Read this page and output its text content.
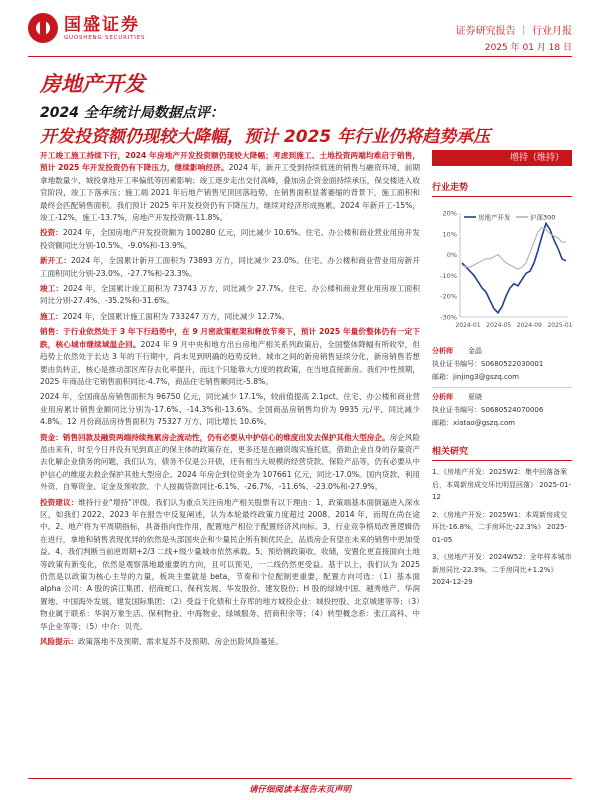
国盛证券
GUOSHENG SECURITIES
证券研究报告 ｜ 行业月报
2025 年 01 月 18 日
房地产开发
2024 全年统计局数据点评：
开发投资额仍现较大降幅，预计 2025 年行业仍将趋势承压
开工竣工施工持续下行，2024 年房地产开发投资额仍现较大降幅；考虑到施工、土地投资两端均难启于销售，预计 2025 年开发投资仍有下降压力，继续影响经济。2024 年，新开工受到持续低迷的销售与融资环境，前期拿地数量少、城投拿地开工率偏低等因素影响；竣工逐步走出交付高峰，叠加房企资金面持续承压，保交楼进入收官阶段，竣工下落承压；施工端 2021 年后地产销售见顶回落趋势，在销售面积显著萎缩的背景下，施工面积和最终会匹配销售面积。我们预计 2025 年开发投资仍有下降压力，继续对经济形成拖累。2024 年新开工-15%，竣工-12%，施工-13.7%，房地产开发投资额-11.8%。
投资：2024 年，全国房地产开发投资额为 100280 亿元，同比减少 10.6%。住宅、办公楼和商业营业用房开发投资额同比分别-10.5%、-9.0%和-13.9%。
新开工：2024 年，全国累计新开工面积为 73893 万方，同比减少 23.0%。住宅、办公楼和商业营业用房新开工面积同比分别-23.0%、-27.7%和-23.3%。
竣工：2024 年，全国累计竣工面积为 73743 万方，同比减少 27.7%。住宅、办公楼和商业营业用房竣工面积同比分别-27.4%、-35.2%和-31.6%。
施工：2024 年，全国累计施工面积为 733247 万方，同比减少 12.7%。
销售：于行业依然处于 3 年下行趋势中，在 9 月密政策框架和释放节奏下，预计 2025 年量价整体仍有一定下跌，核心城市继续域温企回。2024 年 9 月中央和地方出台房地产相关系列政策后，全国整体降幅有所收窄，但趋势上依然处于长达 3 年的下行期中，尚未见到明确的趋势反转。城市之间的新房销售延续分化，新房销售若想要由负转正，核心是推动部区库存去化率提升，而这个只能靠大方度的救政策，在当地直接新房。我们中性预期，2025 年商品住宅销售面积同比-4.7%，商品住宅销售额同比-5.8%。
2024 年，全国商品房销售面积为 96750 亿元，同比减少 17.1%，较前值提高 2.1pct。住宅、办公楼和商业营业用房累计销售金额同比分别为-17.6%、-14.3%和-13.6%。全国商品房销售均价为 9935 元/平，同比减少 4.8%。12 月份商品房待售面积为 75327 万方，同比增长 10.6%。
资金：销售回款及融资两端持续拖累房企流动性，仍有必要从中护信心的维度出发去保护其他大型房企。房企风险虽由来有，时至今日并没有见到真正的保主体的政策存在，更多还是在融资端实施托底，借助企业自身的存量资产去化解企业债务的问题，我们认为，债务不仅是公开债，还有相当大规模的经营贷款、保险产品等，仍有必要从中护信心的维度去救企保护其他大型房企。2024 年房企到位资金为 107661 亿元，同比-17.0%。国内贷款、利用外资、自筹资金、定金及预收款、个人按揭贷款同比-6.1%、-26.7%、-11.6%、-23.0%和-27.9%。
投资建议：维持行业“增持”评级。我们认为重点关注房地产相关股票有以下理由：1，政策端基本面倒逼进入深水区，如我们 2022、2023 年在报告中反复阐述，认为本轮最终政策力度超过 2008、2014 年，而现在尚在途中。2、地产将为平周期指标，具备指向性作用，配置地产相位于配置经济风向标。3、行业竞争格局改善逻辑仍在进行，拿地和销售表现优异的依然是头部国央企和少量民企所有制优民企，品质房企有望在未来的销售中更加受益。4、我们判断当前逆周期+2/3 二线+级少量城市依然承载。5、预给侧政策收、收储，安置化更直接面向土地等政策有新变化，依然是观察落地最重要的方向，且可以预见，一二线仍然更受益。基于以上，我们认为 2025 仍然是以政策为核心主导的力量，板块主要就是 beta，节奏和个位配制更重要，配置方向可选：（1）基本面 alpha 公司：A 股的滨江集团、招商蛇口、保利发展、华发股份、建发股份；H 股的绿城中国、越秀地产、华润置地、中国海外发展、建发国际集团；（2）受益于化债和土存库的地方城投企业：城投控股、北京城建等等；（3）物业属于联系：华润万象生活、保利物业、中海物业、绿城服务、招商积余等；（4）转型概念系：张江高科、中华企业等等；（5）中介：贝壳。
风险提示：政策落地不及预期、需求复苏不及预期、房企出险风险蔓延。
增持（维持）
行业走势
20%
10%
0%
-10%
-20%
-30%
2024-01 2024-05 2024-09 2025-01
房地产开发	沪深300
分析师 金晶
执业证书编号：S0680522030001
邮箱：jinjing3@gszq.com
分析师 夏晓
执业证书编号：S0680524070006
邮箱：xiatao@gszq.com
相关研究
1、《房地产开发：2025W2：集中回落备案后，本周新房成交环比明显回落》 2025-01-12
2、《房地产开发：2025W1：本周新房成交环比-16.8%，二手房环比-22.3%》 2025-01-05
3、《房地产开发：2024W52：全年样本城市新房同比-22.3%，二手房同比+1.2%》 2024-12-29
请仔细阅读本报告末页声明
